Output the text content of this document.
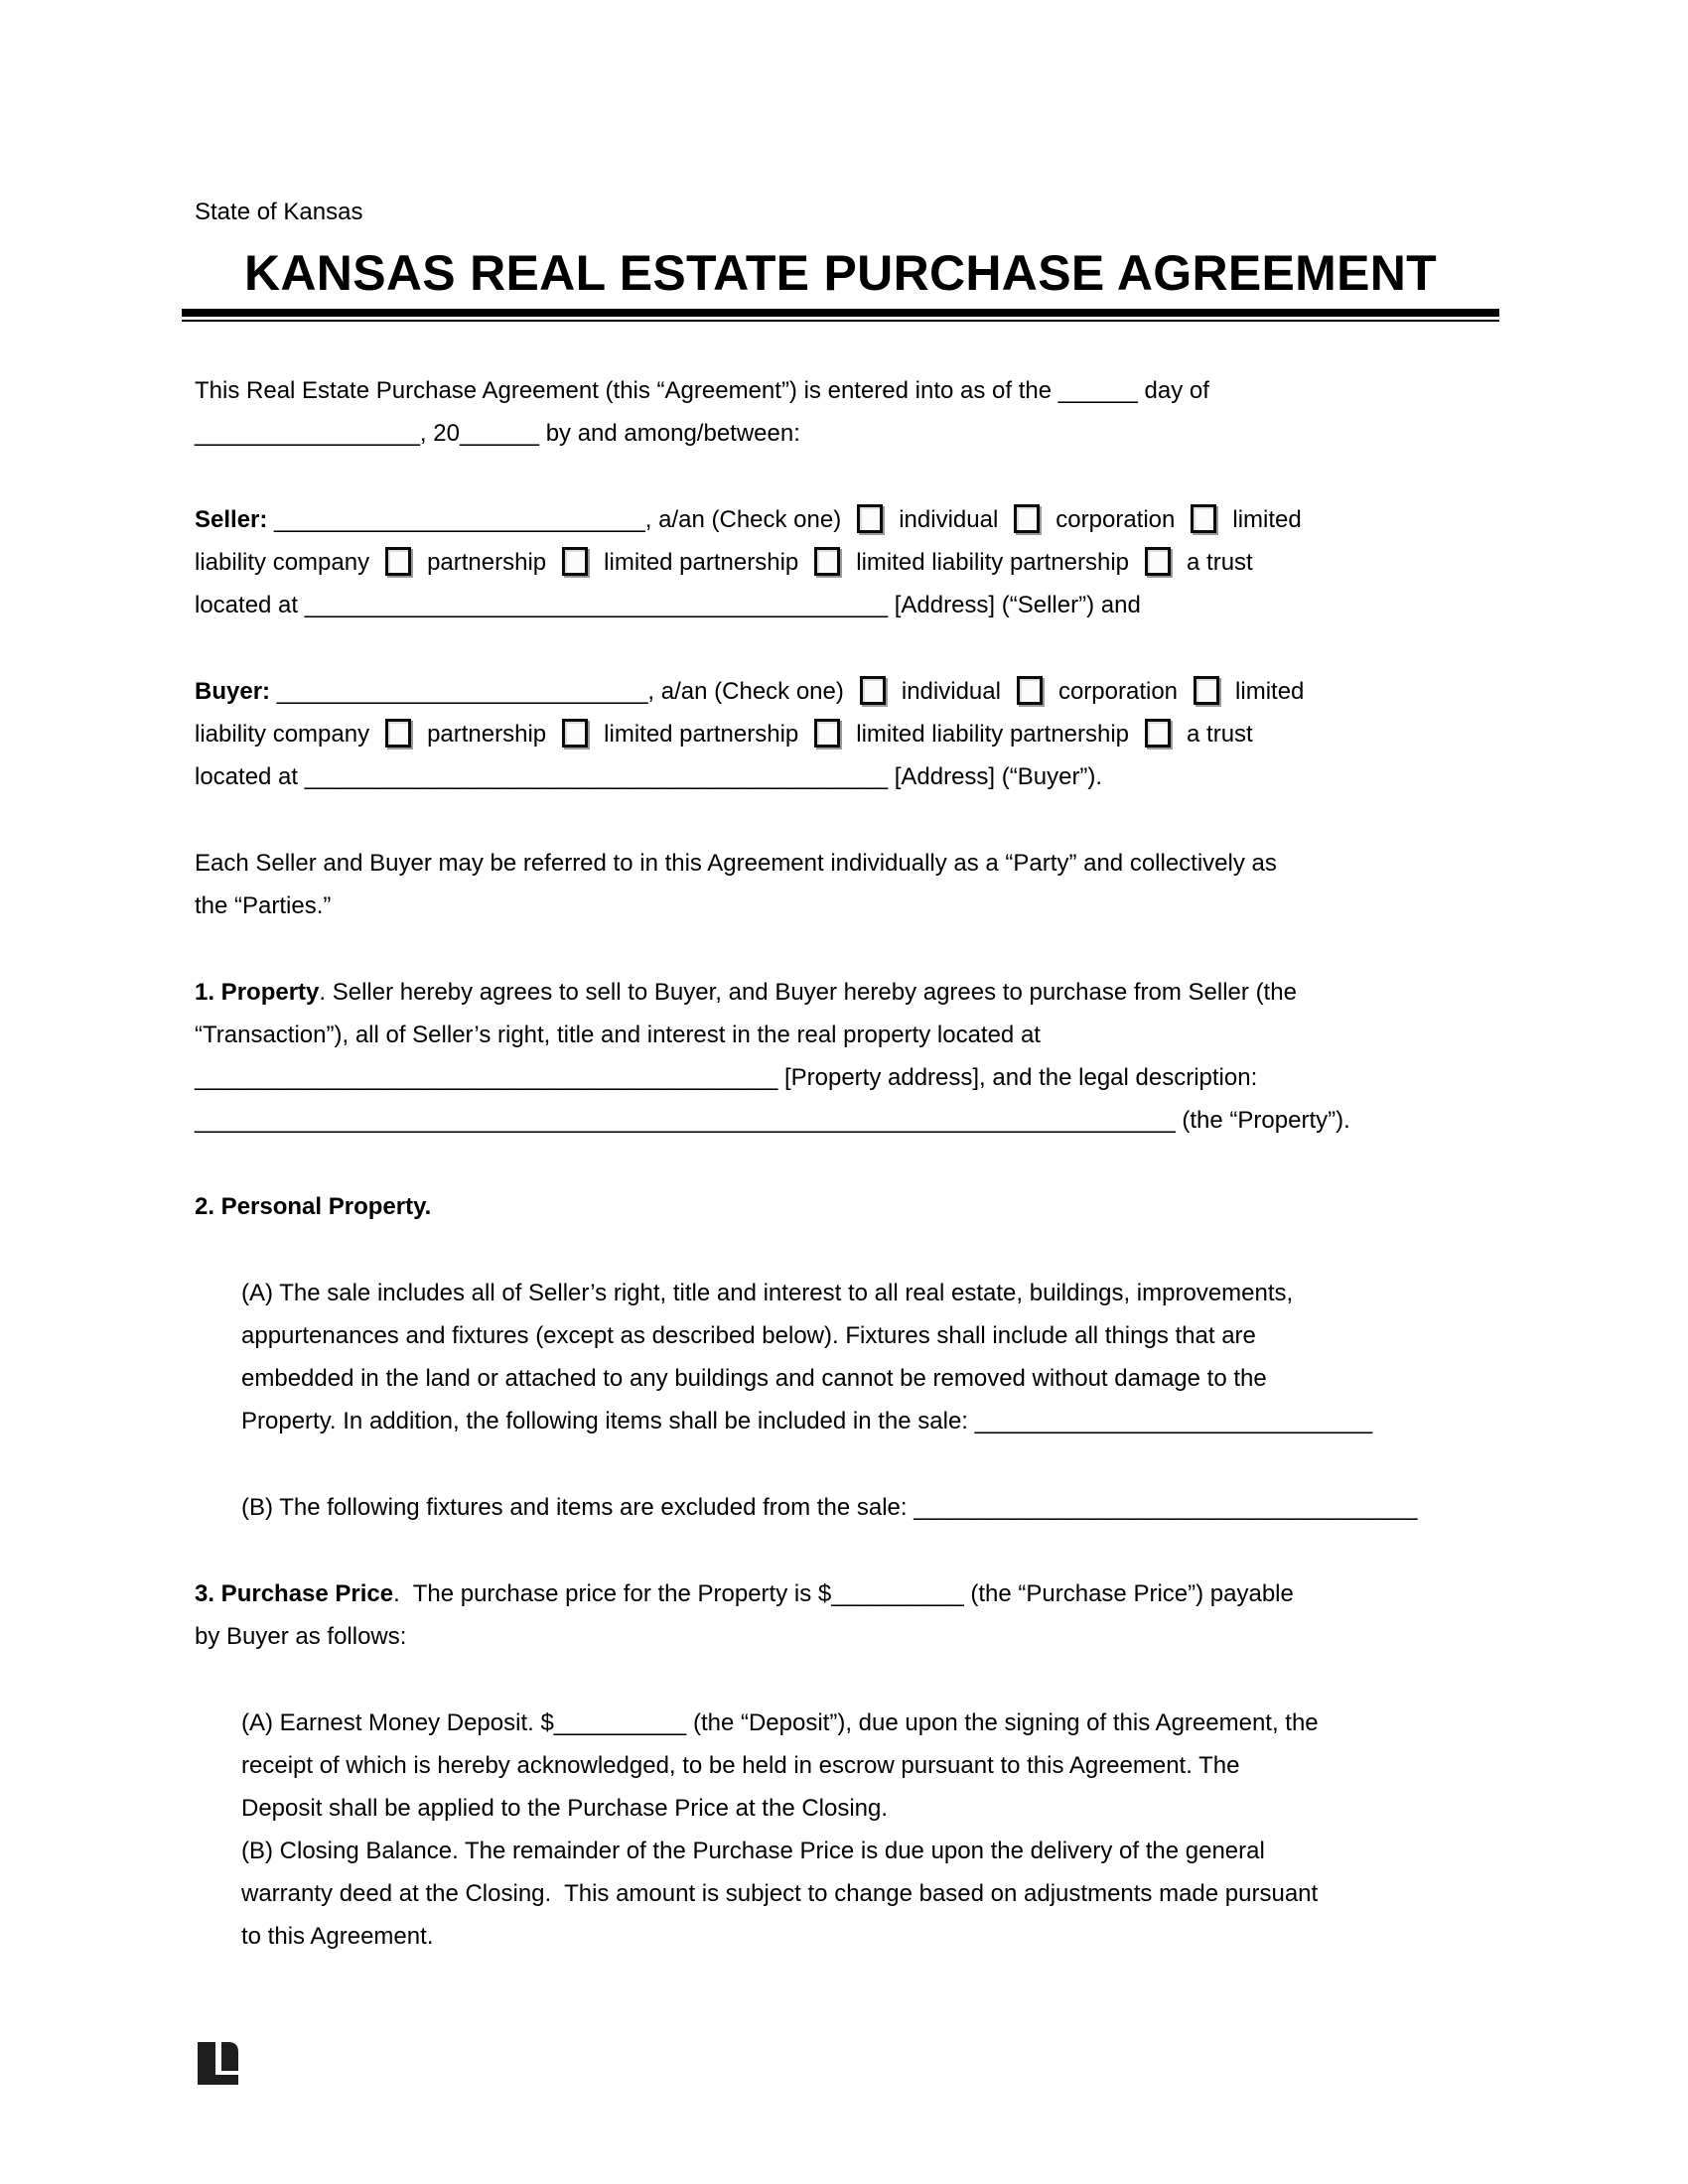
State of Kansas
KANSAS REAL ESTATE PURCHASE AGREEMENT
This Real Estate Purchase Agreement (this “Agreement”) is entered into as of the ______ day of
_________________, 20______ by and among/between:
Seller: ____________________________, a/an (Check one) individual corporation limited
liability company partnership limited partnership limited liability partnership a trust
located at ____________________________________________ [Address] (“Seller”) and
Buyer: ____________________________, a/an (Check one) individual corporation limited
liability company partnership limited partnership limited liability partnership a trust
located at ____________________________________________ [Address] (“Buyer”).
Each Seller and Buyer may be referred to in this Agreement individually as a “Party” and collectively as
the “Parties.”
1. Property. Seller hereby agrees to sell to Buyer, and Buyer hereby agrees to purchase from Seller (the
“Transaction”), all of Seller’s right, title and interest in the real property located at
____________________________________________ [Property address], and the legal description:
__________________________________________________________________________ (the “Property”).
2. Personal Property.
(A) The sale includes all of Seller’s right, title and interest to all real estate, buildings, improvements,
appurtenances and fixtures (except as described below). Fixtures shall include all things that are
embedded in the land or attached to any buildings and cannot be removed without damage to the
Property. In addition, the following items shall be included in the sale: ______________________________
(B) The following fixtures and items are excluded from the sale: ______________________________________
3. Purchase Price.  The purchase price for the Property is $__________ (the “Purchase Price”) payable
by Buyer as follows:
(A) Earnest Money Deposit. $__________ (the “Deposit”), due upon the signing of this Agreement, the
receipt of which is hereby acknowledged, to be held in escrow pursuant to this Agreement. The
Deposit shall be applied to the Purchase Price at the Closing.
(B) Closing Balance. The remainder of the Purchase Price is due upon the delivery of the general
warranty deed at the Closing.  This amount is subject to change based on adjustments made pursuant
to this Agreement.
